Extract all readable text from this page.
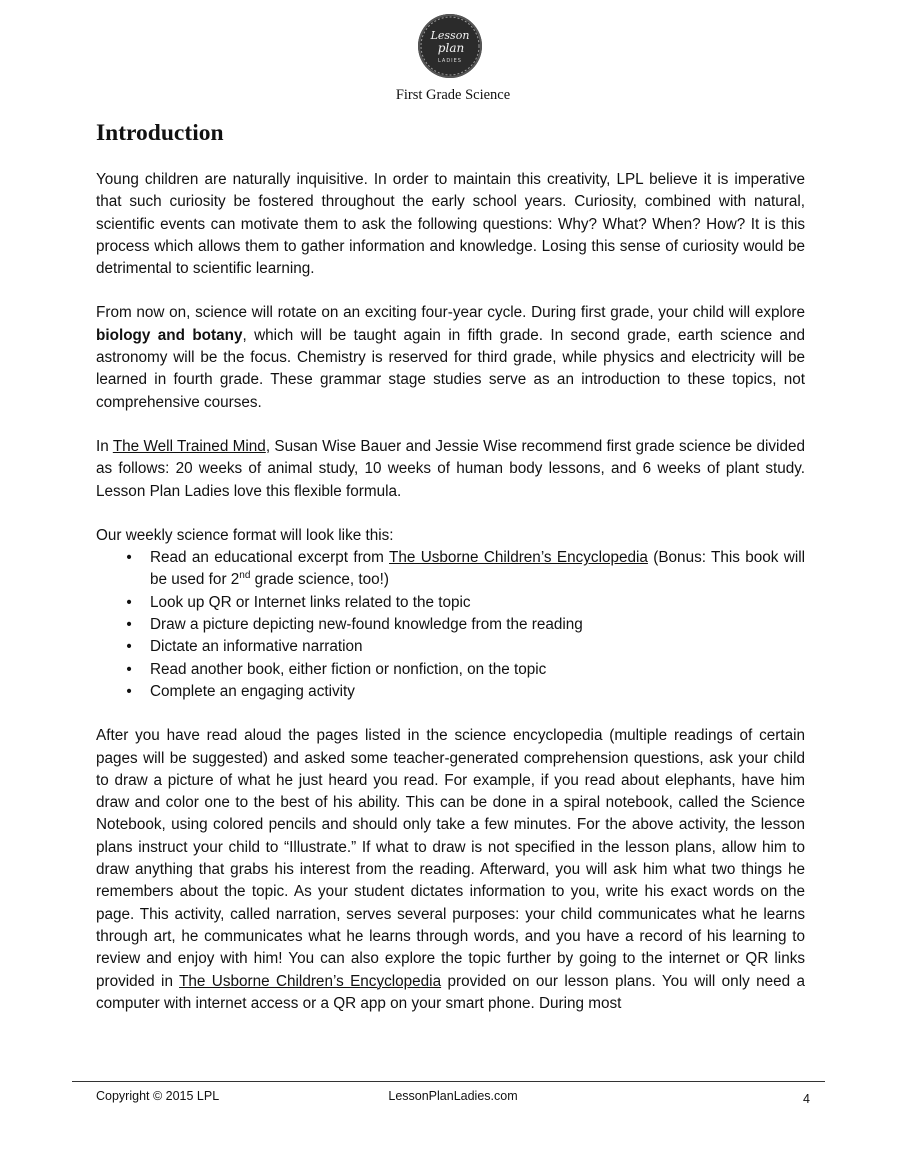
Lesson
plan
LADIES
First Grade Science
Introduction

Young children are naturally inquisitive. In order to maintain this creativity, LPL believe it is imperative that such curiosity be fostered throughout the early school years. Curiosity, combined with natural, scientific events can motivate them to ask the following questions: Why? What? When? How? It is this process which allows them to gather information and knowledge. Losing this sense of curiosity would be detrimental to scientific learning.

From now on, science will rotate on an exciting four-year cycle. During first grade, your child will explore biology and botany, which will be taught again in fifth grade. In second grade, earth science and astronomy will be the focus. Chemistry is reserved for third grade, while physics and electricity will be learned in fourth grade. These grammar stage studies serve as an introduction to these topics, not comprehensive courses.

In The Well Trained Mind, Susan Wise Bauer and Jessie Wise recommend first grade science be divided as follows: 20 weeks of animal study, 10 weeks of human body lessons, and 6 weeks of plant study. Lesson Plan Ladies love this flexible formula.

Our weekly science format will look like this:

• Read an educational excerpt from The Usborne Children’s Encyclopedia (Bonus: This book will be used for 2nd grade science, too!)
• Look up QR or Internet links related to the topic
• Draw a picture depicting new-found knowledge from the reading
• Dictate an informative narration
• Read another book, either fiction or nonfiction, on the topic
• Complete an engaging activity

After you have read aloud the pages listed in the science encyclopedia (multiple readings of certain pages will be suggested) and asked some teacher-generated comprehension questions, ask your child to draw a picture of what he just heard you read. For example, if you read about elephants, have him draw and color one to the best of his ability. This can be done in a spiral notebook, called the Science Notebook, using colored pencils and should only take a few minutes. For the above activity, the lesson plans instruct your child to “Illustrate.” If what to draw is not specified in the lesson plans, allow him to draw anything that grabs his interest from the reading. Afterward, you will ask him what two things he remembers about the topic. As your student dictates information to you, write his exact words on the page. This activity, called narration, serves several purposes: your child communicates what he learns through art, he communicates what he learns through words, and you have a record of his learning to review and enjoy with him! You can also explore the topic further by going to the internet or QR links provided in The Usborne Children’s Encyclopedia provided on our lesson plans. You will only need a computer with internet access or a QR app on your smart phone. During most

Copyright © 2015 LPL	LessonPlanLadies.com	4
